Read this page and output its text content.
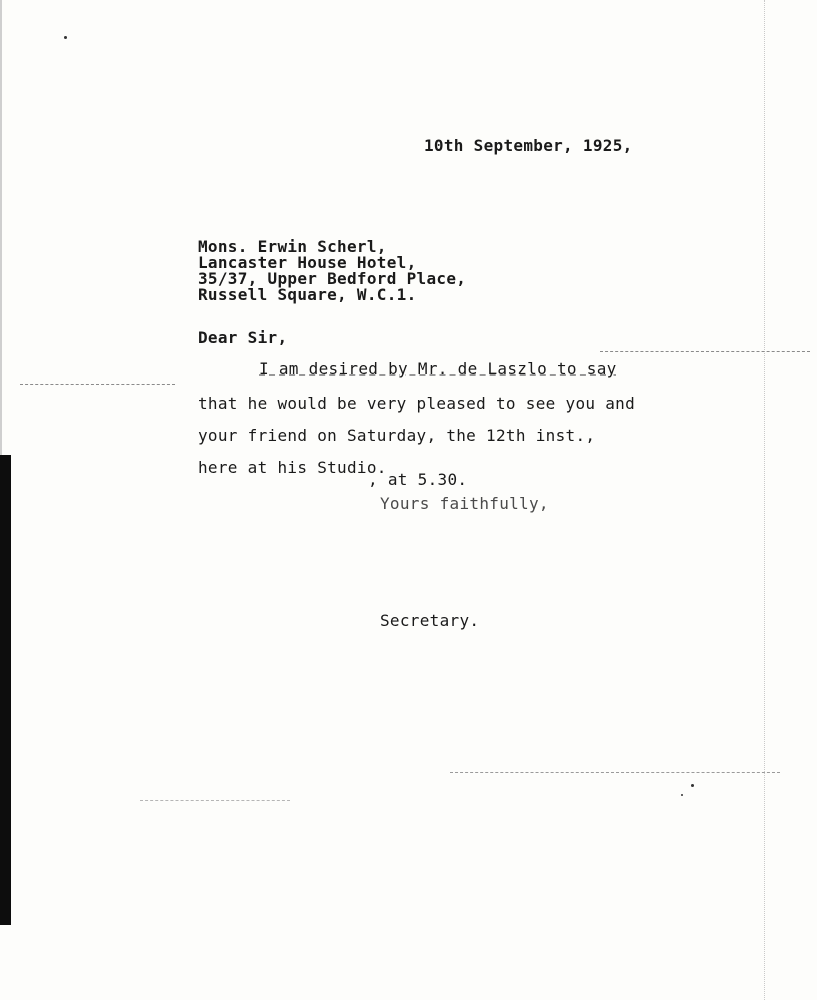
10th September, 1925,
Mons. Erwin Scherl,
Lancaster House Hotel,
35/37, Upper Bedford Place,
Russell Square, W.C.1.
Dear Sir,
I am desired by Mr. de Laszlo to say
that he would be very pleased to see you and
your friend on Saturday, the 12th inst.,
here at his Studio.
, at 5.30.
Yours faithfully,
Secretary.
